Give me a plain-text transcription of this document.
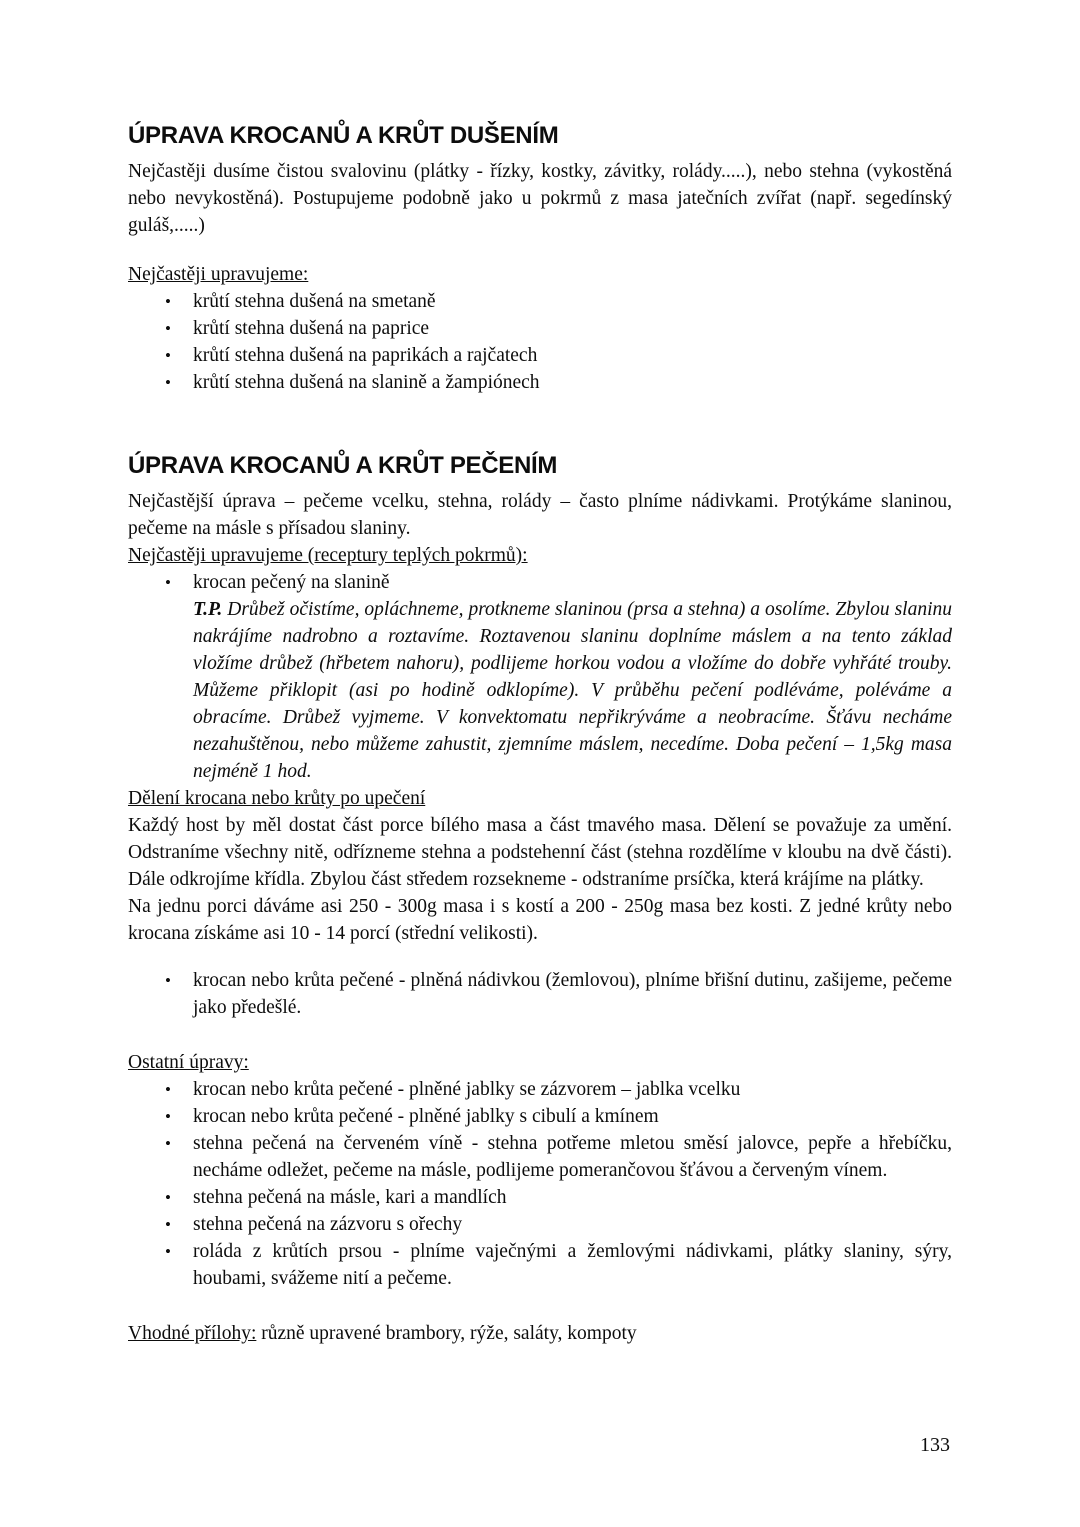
ÚPRAVA KROCANŮ A KRŮT DUŠENÍM

Nejčastěji dusíme čistou svalovinu (plátky - řízky, kostky, závitky, rolády.....), nebo stehna (vykostěná nebo nevykostěná). Postupujeme podobně jako u pokrmů z masa jatečních zvířat (např. segedínský guláš,.....)

Nejčastěji upravujeme:

•
krůtí stehna dušená na smetaně
•
krůtí stehna dušená na paprice
•
krůtí stehna dušená na paprikách a rajčatech
•
krůtí stehna dušená na slanině a žampiónech
ÚPRAVA KROCANŮ A KRŮT PEČENÍM

Nejčastější úprava – pečeme vcelku, stehna, rolády – často plníme nádivkami. Protýkáme slaninou, pečeme na másle s přísadou slaniny.

Nejčastěji upravujeme (receptury teplých pokrmů):

•
krocan pečený na slanině
T.P. Drůbež očistíme, opláchneme, protkneme slaninou (prsa a stehna) a osolíme. Zbylou slaninu nakrájíme nadrobno a roztavíme. Roztavenou slaninu doplníme máslem a na tento základ vložíme drůbež (hřbetem nahoru), podlijeme horkou vodou a vložíme do dobře vyhřáté trouby. Můžeme přiklopit (asi po hodině odklopíme). V průběhu pečení podléváme, poléváme a obracíme. Drůbež vyjmeme. V konvektomatu nepřikrýváme a neobracíme. Šťávu necháme nezahuštěnou, nebo můžeme zahustit, zjemníme máslem, necedíme. Doba pečení – 1,5kg masa nejméně 1 hod.

Dělení krocana nebo krůty po upečení

Každý host by měl dostat část porce bílého masa a část tmavého masa. Dělení se považuje za umění. Odstraníme všechny nitě, odřízneme stehna a podstehenní část (stehna rozdělíme v kloubu na dvě části). Dále odkrojíme křídla. Zbylou část středem rozsekneme - odstraníme prsíčka, která krájíme na plátky.

Na jednu porci dáváme asi 250 - 300g masa i s kostí a 200 - 250g masa bez kosti. Z jedné krůty nebo krocana získáme asi 10 - 14 porcí (střední velikosti).

•
krocan nebo krůta pečené - plněná nádivkou (žemlovou), plníme břišní dutinu, zašijeme, pečeme jako předešlé.

Ostatní úpravy:

•
krocan nebo krůta pečené - plněné jablky se zázvorem – jablka vcelku
•
krocan nebo krůta pečené - plněné jablky s cibulí a kmínem
•
stehna pečená na červeném víně - stehna potřeme mletou směsí jalovce, pepře a hřebíčku, necháme odležet, pečeme na másle, podlijeme pomerančovou šťávou a červeným vínem.
•
stehna pečená na másle, kari a mandlích
•
stehna pečená na zázvoru s ořechy
•
roláda z krůtích prsou - plníme vaječnými a žemlovými nádivkami, plátky slaniny, sýry, houbami, svážeme nití a pečeme.

Vhodné přílohy: různě upravené brambory, rýže, saláty, kompoty

133
